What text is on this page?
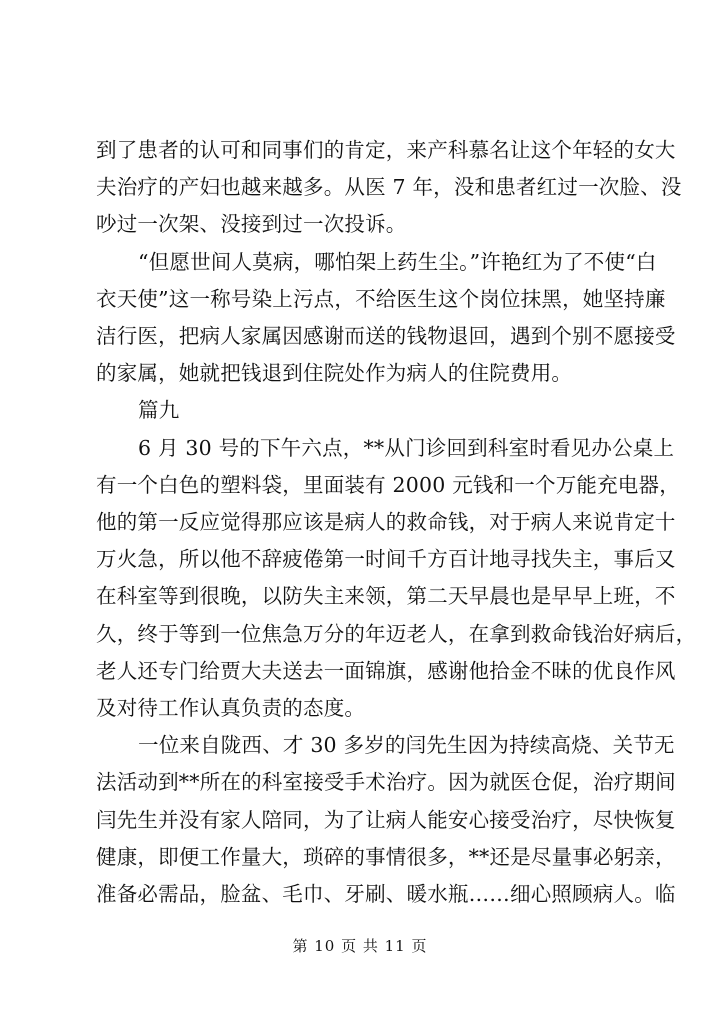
到了患者的认可和同事们的肯定，来产科慕名让这个年轻的女大
夫治疗的产妇也越来越多。从医 7 年，没和患者红过一次脸、没
吵过一次架、没接到过一次投诉。
“但愿世间人莫病，哪怕架上药生尘。”许艳红为了不使“白
衣天使”这一称号染上污点，不给医生这个岗位抹黑，她坚持廉
洁行医，把病人家属因感谢而送的钱物退回，遇到个别不愿接受
的家属，她就把钱退到住院处作为病人的住院费用。
篇九
6 月 30 号的下午六点，**从门诊回到科室时看见办公桌上
有一个白色的塑料袋，里面装有 2000 元钱和一个万能充电器，
他的第一反应觉得那应该是病人的救命钱，对于病人来说肯定十
万火急，所以他不辞疲倦第一时间千方百计地寻找失主，事后又
在科室等到很晚，以防失主来领，第二天早晨也是早早上班，不
久，终于等到一位焦急万分的年迈老人，在拿到救命钱治好病后，
老人还专门给贾大夫送去一面锦旗，感谢他拾金不昧的优良作风
及对待工作认真负责的态度。
一位来自陇西、才 30 多岁的闫先生因为持续高烧、关节无
法活动到**所在的科室接受手术治疗。因为就医仓促，治疗期间
闫先生并没有家人陪同，为了让病人能安心接受治疗，尽快恢复
健康，即便工作量大，琐碎的事情很多，**还是尽量事必躬亲，
准备必需品，脸盆、毛巾、牙刷、暖水瓶……细心照顾病人。临
第 10 页 共 11 页
